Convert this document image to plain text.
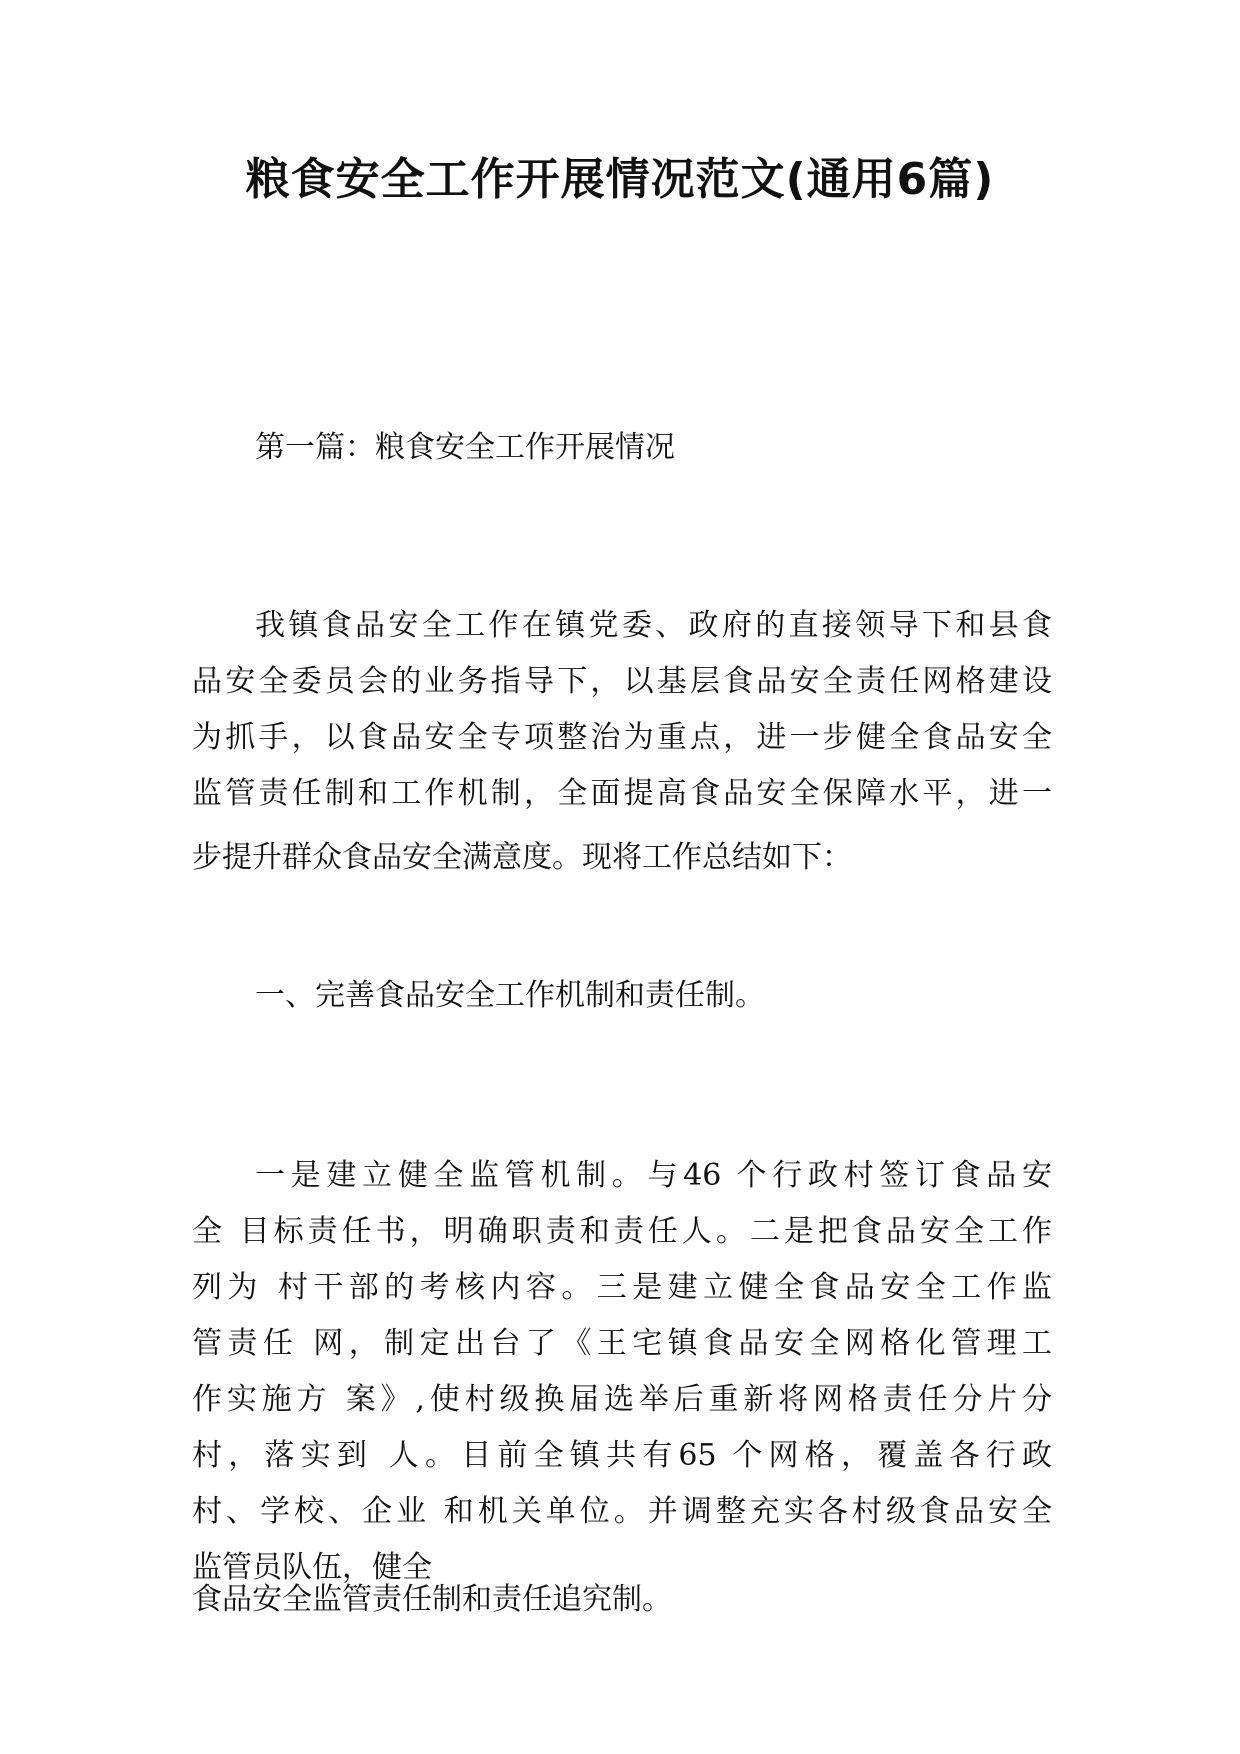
粮食安全工作开展情况范文(通用6篇)
第一篇：粮食安全工作开展情况
我镇食品安全工作在镇党委、政府的直接领导下和县食
品安全委员会的业务指导下，以基层食品安全责任网格建设
为抓手，以食品安全专项整治为重点，进一步健全食品安全
监管责任制和工作机制，全面提高食品安全保障水平，进一
步提升群众食品安全满意度。现将工作总结如下：
一、完善食品安全工作机制和责任制。
一是建立健全监管机制。与46 个行政村签订食品安
全 目标责任书，明确职责和责任人。二是把食品安全工作
列为 村干部的考核内容。三是建立健全食品安全工作监
管责任 网，制定出台了《王宅镇食品安全网格化管理工
作实施方 案》,使村级换届选举后重新将网格责任分片分
村，落实到 人。目前全镇共有65 个网格，覆盖各行政
村、学校、企业 和机关单位。并调整充实各村级食品安全
监管员队伍，健全
食品安全监管责任制和责任追究制。
